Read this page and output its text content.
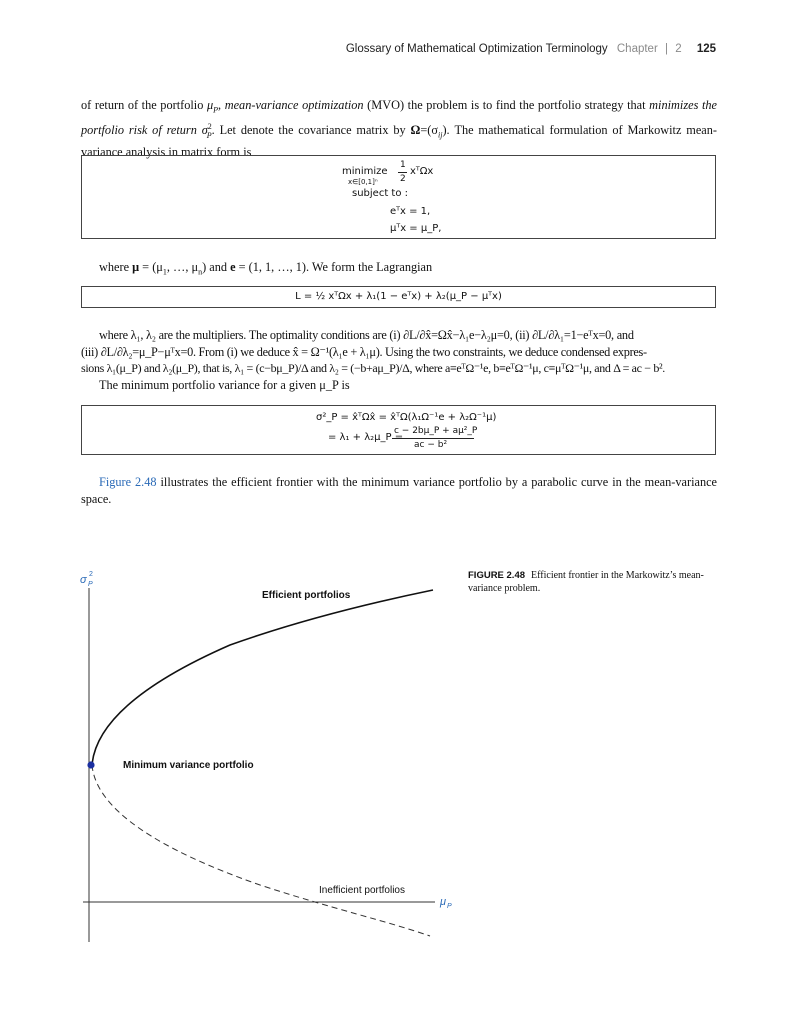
Glossary of Mathematical Optimization Terminology Chapter | 2 125

of return of the portfolio $\mu_P$, mean-variance optimization (MVO) the problem is to find the portfolio strategy that minimizes the portfolio risk of return $\sigma^2_P$. Let denote the covariance matrix by $\Omega=(\sigma_{ij})$. The mathematical formulation of Markowitz mean-variance analysis in matrix form is

minimize
x∈[0,1]ⁿ
1
2
xᵀΩx
subject to :
eᵀx = 1,
μᵀx = μ_P,

where $\mu = (\mu_1$, …, $\mu_n$) and e = (1, 1, …, 1). We form the Lagrangian

L = ½ xᵀΩx + λ₁(1 − eᵀx) + λ₂(μ_P − μᵀx)

where λ₁, λ₂ are the multipliers. The optimality conditions are (i) ∂L/∂x̂=Ωx̂−λ₁e−λ₂μ=0, (ii) ∂L/∂λ₁=1−eᵀx=0, and

(iii) ∂L/∂λ₂=μ_P−μᵀx=0. From (i) we deduce x̂ = Ω⁻¹(λ₁e + λ₁μ). Using the two constraints, we deduce condensed expres-

sions λ₁(μ_P) and λ₂(μ_P), that is, λ₁ = (c−bμ_P)/Δ and λ₂ = (−b+aμ_P)/Δ, where a≡eᵀΩ⁻¹e, b≡eᵀΩ⁻¹μ, c≡μᵀΩ⁻¹μ, and Δ = ac − b².

The minimum portfolio variance for a given μ_P is

σ²_P = x̂ᵀΩx̂ = x̂ᵀΩ(λ₁Ω⁻¹e + λ₂Ω⁻¹μ)
= λ₁ + λ₂μ_P =
c − 2bμ_P + aμ²_P
ac − b²

Figure 2.48 illustrates the efficient frontier with the minimum variance portfolio by a parabolic curve in the mean-variance space.

Efficient portfolios
Minimum variance portfolio
Inefficient portfolios
σ 2
P
μ P
FIGURE 2.48 Efficient frontier in the Markowitz’s mean-variance problem.
